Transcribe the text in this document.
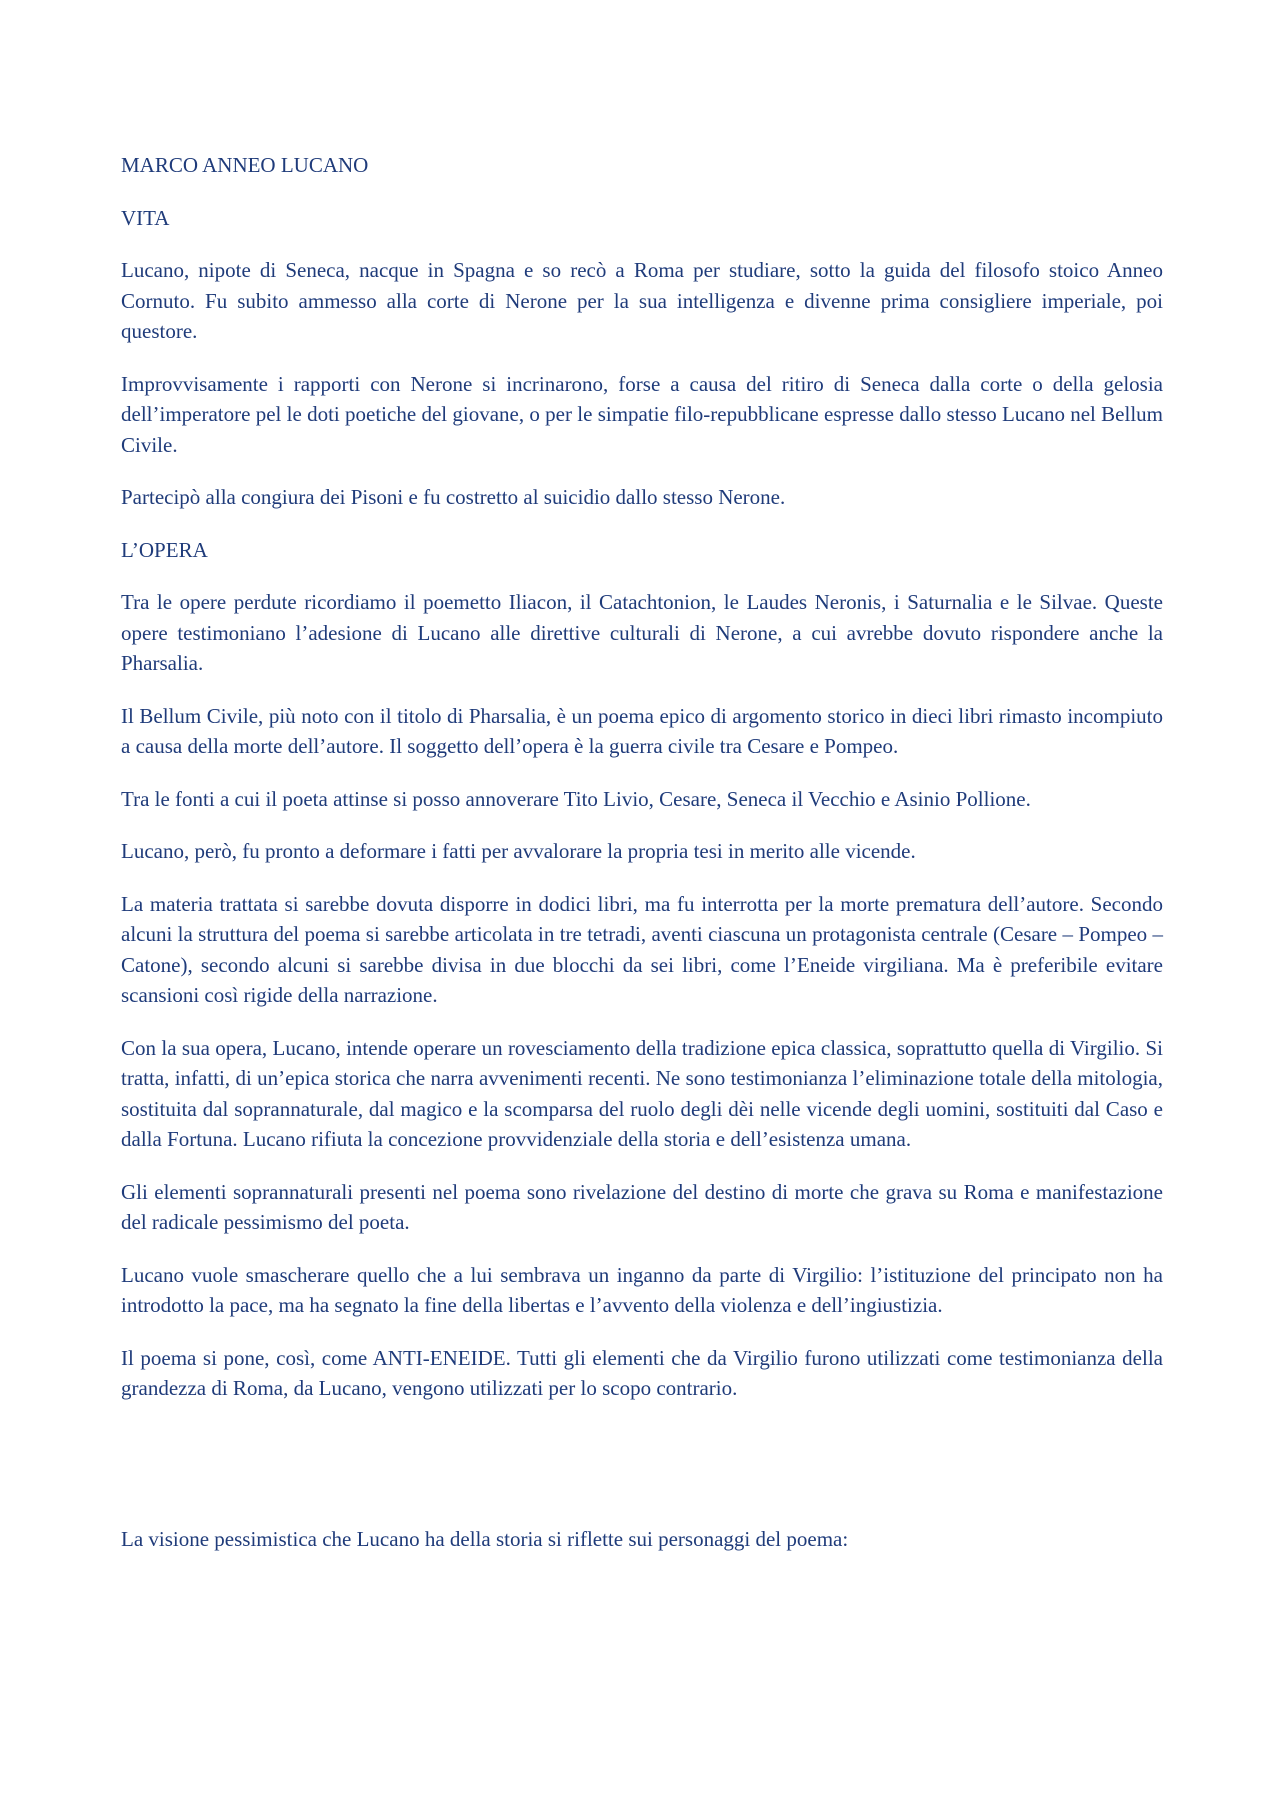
MARCO ANNEO LUCANO

VITA

Lucano, nipote di Seneca, nacque in Spagna e so recò a Roma per studiare, sotto la guida del filosofo stoico Anneo Cornuto. Fu subito ammesso alla corte di Nerone per la sua intelligenza e divenne prima consigliere imperiale, poi questore.

Improvvisamente i rapporti con Nerone si incrinarono, forse a causa del ritiro di Seneca dalla corte o della gelosia dell’imperatore pel le doti poetiche del giovane, o per le simpatie filo-repubblicane espresse dallo stesso Lucano nel Bellum Civile.

Partecipò alla congiura dei Pisoni e fu costretto al suicidio dallo stesso Nerone.

L’OPERA

Tra le opere perdute ricordiamo il poemetto Iliacon, il Catachtonion, le Laudes Neronis, i Saturnalia e le Silvae. Queste opere testimoniano l’adesione di Lucano alle direttive culturali di Nerone, a cui avrebbe dovuto rispondere anche la Pharsalia.

Il Bellum Civile, più noto con il titolo di Pharsalia, è un poema epico di argomento storico in dieci libri rimasto incompiuto a causa della morte dell’autore. Il soggetto dell’opera è la guerra civile tra Cesare e Pompeo.

Tra le fonti a cui il poeta attinse si posso annoverare Tito Livio, Cesare, Seneca il Vecchio e Asinio Pollione.

Lucano, però, fu pronto a deformare i fatti per avvalorare la propria tesi in merito alle vicende.

La materia trattata si sarebbe dovuta disporre in dodici libri, ma fu interrotta per la morte prematura dell’autore. Secondo alcuni la struttura del poema si sarebbe articolata in tre tetradi, aventi ciascuna un protagonista centrale (Cesare – Pompeo – Catone), secondo alcuni si sarebbe divisa in due blocchi da sei libri, come l’Eneide virgiliana. Ma è preferibile evitare scansioni così rigide della narrazione.

Con la sua opera, Lucano, intende operare un rovesciamento della tradizione epica classica, soprattutto quella di Virgilio. Si tratta, infatti, di un’epica storica che narra avvenimenti recenti. Ne sono testimonianza l’eliminazione totale della mitologia, sostituita dal soprannaturale, dal magico e la scomparsa del ruolo degli dèi nelle vicende degli uomini, sostituiti dal Caso e dalla Fortuna. Lucano rifiuta la concezione provvidenziale della storia e dell’esistenza umana.

Gli elementi soprannaturali presenti nel poema sono rivelazione del destino di morte che grava su Roma e manifestazione del radicale pessimismo del poeta.

Lucano vuole smascherare quello che a lui sembrava un inganno da parte di Virgilio: l’istituzione del principato non ha introdotto la pace, ma ha segnato la fine della libertas e l’avvento della violenza e dell’ingiustizia.

Il poema si pone, così, come ANTI-ENEIDE. Tutti gli elementi che da Virgilio furono utilizzati come testimonianza della grandezza di Roma, da Lucano, vengono utilizzati per lo scopo contrario.

La visione pessimistica che Lucano ha della storia si riflette sui personaggi del poema:
